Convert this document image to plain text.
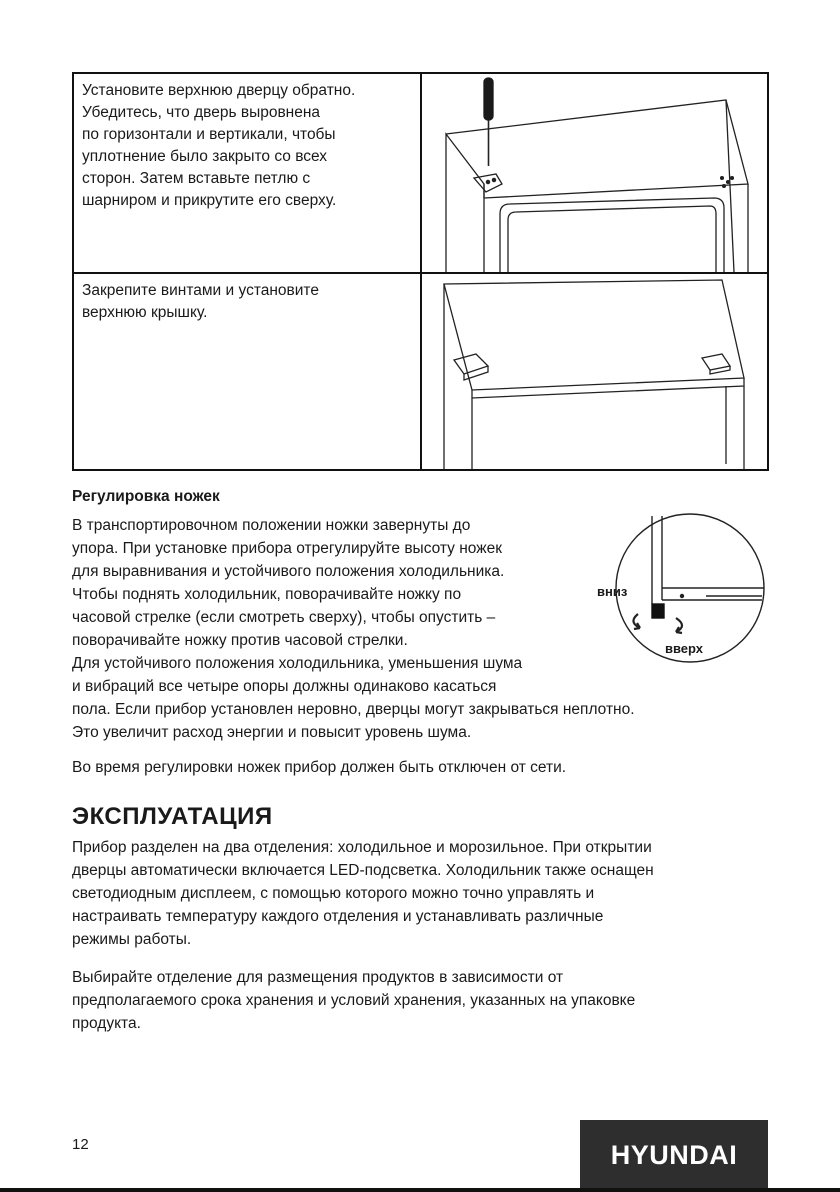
Установите верхнюю дверцу обратно.
Убедитесь, что дверь выровнена
по горизонтали и вертикали, чтобы
уплотнение было закрыто со всех
сторон. Затем вставьте петлю с
шарниром и прикрутите его сверху.
Закрепите винтами и установите
верхнюю крышку.
Регулировка ножек
В транспортировочном положении ножки завернуты до
упора. При установке прибора отрегулируйте высоту ножек
для выравнивания и устойчивого положения холодильника.
Чтобы поднять холодильник, поворачивайте ножку по
часовой стрелке (если смотреть сверху), чтобы опустить –
поворачивайте ножку против часовой стрелки.
Для устойчивого положения холодильника, уменьшения шума
и вибраций все четыре опоры должны одинаково касаться
пола. Если прибор установлен неровно, дверцы могут закрываться неплотно.
Это увеличит расход энергии и повысит уровень шума.
вниз
вверх
Во время регулировки ножек прибор должен быть отключен от сети.
ЭКСПЛУАТАЦИЯ
Прибор разделен на два отделения: холодильное и морозильное. При открытии
дверцы автоматически включается LED-подсветка. Холодильник также оснащен
светодиодным дисплеем, с помощью которого можно точно управлять и
настраивать температуру каждого отделения и устанавливать различные
режимы работы.
Выбирайте отделение для размещения продуктов в зависимости от
предполагаемого срока хранения и условий хранения, указанных на упаковке
продукта.
12	HYUNDAI
